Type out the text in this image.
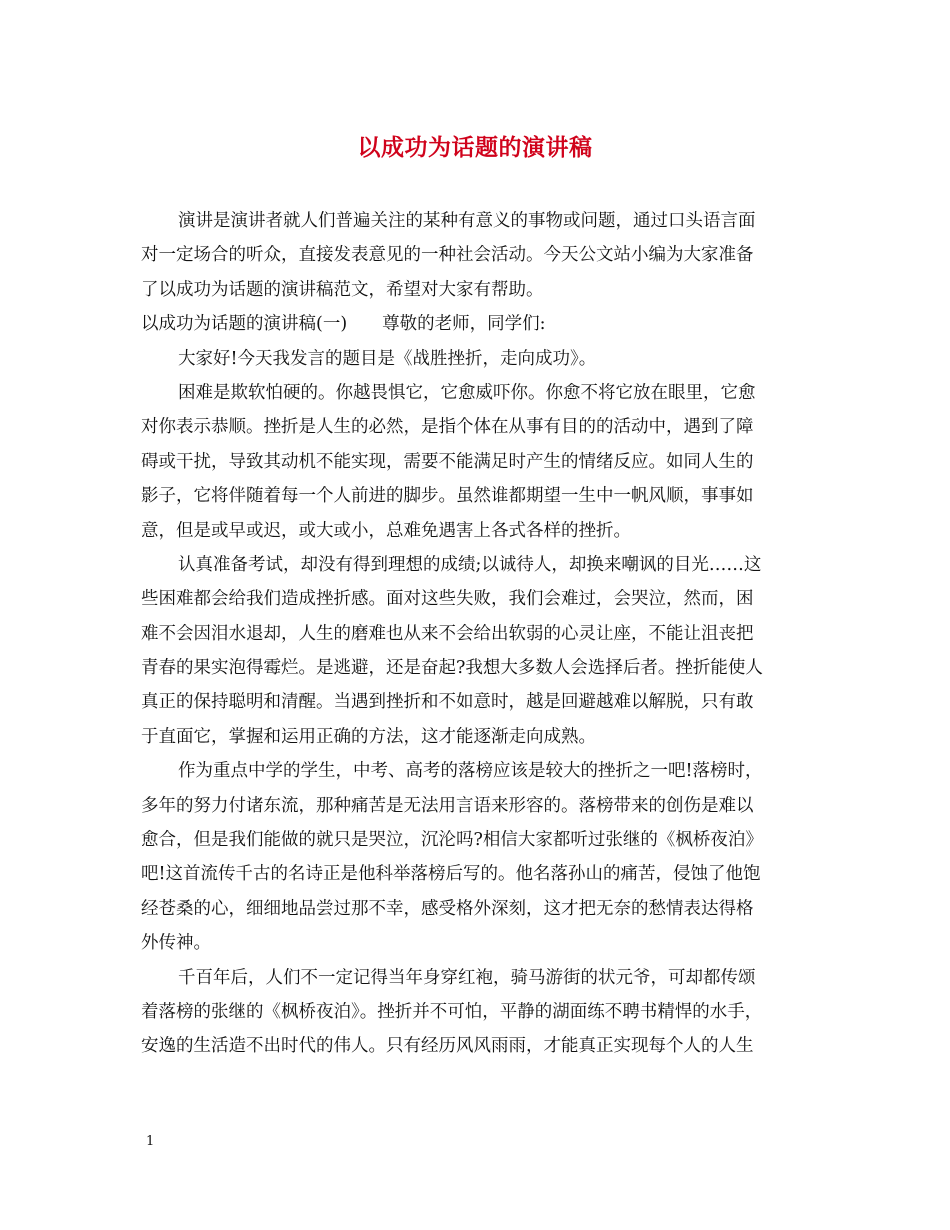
以成功为话题的演讲稿
演讲是演讲者就人们普遍关注的某种有意义的事物或问题，通过口头语言面
对一定场合的听众，直接发表意见的一种社会活动。今天公文站小编为大家准备
了以成功为话题的演讲稿范文，希望对大家有帮助。
以成功为话题的演讲稿(一)　　尊敬的老师，同学们:
大家好!今天我发言的题目是《战胜挫折，走向成功》。
困难是欺软怕硬的。你越畏惧它，它愈威吓你。你愈不将它放在眼里，它愈
对你表示恭顺。挫折是人生的必然，是指个体在从事有目的的活动中，遇到了障
碍或干扰，导致其动机不能实现，需要不能满足时产生的情绪反应。如同人生的
影子，它将伴随着每一个人前进的脚步。虽然谁都期望一生中一帆风顺，事事如
意，但是或早或迟，或大或小，总难免遇害上各式各样的挫折。
认真准备考试，却没有得到理想的成绩;以诚待人，却换来嘲讽的目光……这
些困难都会给我们造成挫折感。面对这些失败，我们会难过，会哭泣，然而，困
难不会因泪水退却，人生的磨难也从来不会给出软弱的心灵让座，不能让沮丧把
青春的果实泡得霉烂。是逃避，还是奋起?我想大多数人会选择后者。挫折能使人
真正的保持聪明和清醒。当遇到挫折和不如意时，越是回避越难以解脱，只有敢
于直面它，掌握和运用正确的方法，这才能逐渐走向成熟。
作为重点中学的学生，中考、高考的落榜应该是较大的挫折之一吧!落榜时，
多年的努力付诸东流，那种痛苦是无法用言语来形容的。落榜带来的创伤是难以
愈合，但是我们能做的就只是哭泣，沉沦吗?相信大家都听过张继的《枫桥夜泊》
吧!这首流传千古的名诗正是他科举落榜后写的。他名落孙山的痛苦，侵蚀了他饱
经苍桑的心，细细地品尝过那不幸，感受格外深刻，这才把无奈的愁情表达得格
外传神。
千百年后，人们不一定记得当年身穿红袍，骑马游街的状元爷，可却都传颂
着落榜的张继的《枫桥夜泊》。挫折并不可怕，平静的湖面练不聘书精悍的水手，
安逸的生活造不出时代的伟人。只有经历风风雨雨，才能真正实现每个人的人生
1
